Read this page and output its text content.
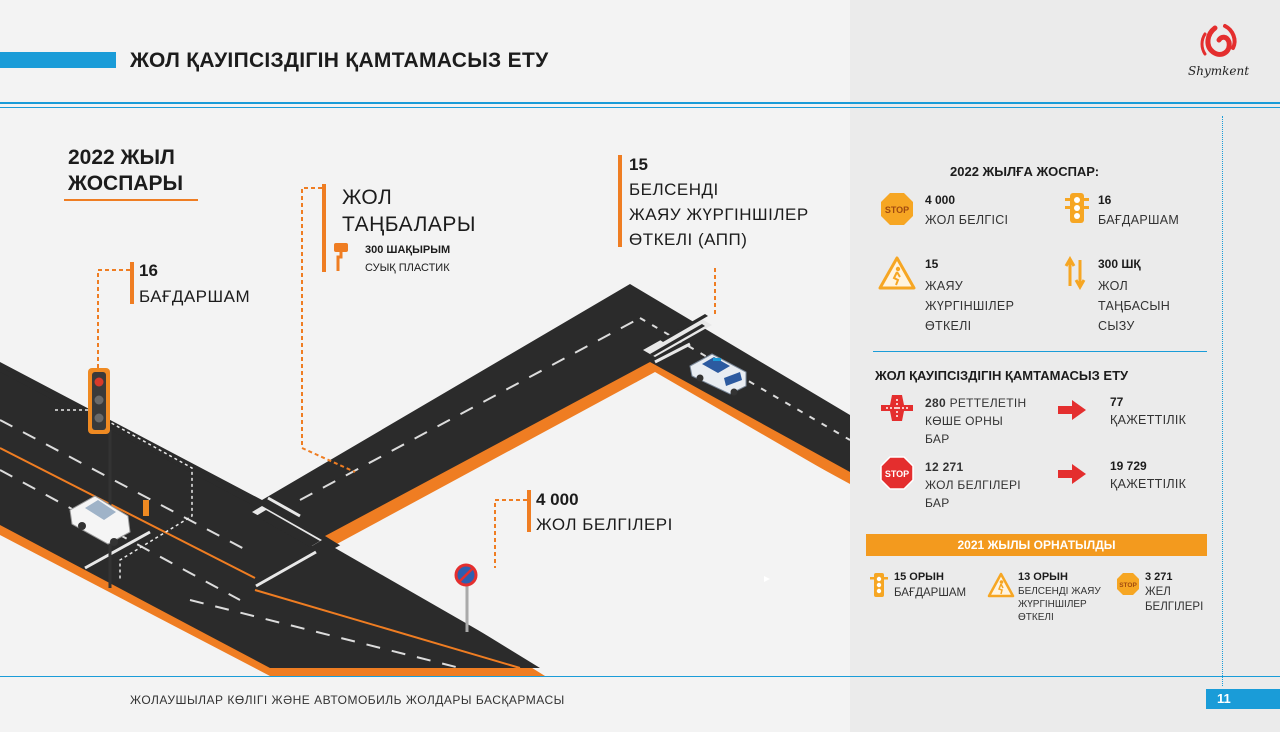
ЖОЛ ҚАУІПСІЗДІГІН ҚАМТАМАСЫЗ ЕТУ	Shymkent
2022 ЖЫЛ
ЖОСПАРЫ
16
БАҒДАРШАМ
ЖОЛ
ТАҢБАЛАРЫ
300 ШАҚЫРЫМ
СУЫҚ ПЛАСТИК
15
БЕЛСЕНДІ
ЖАЯУ ЖҮРГІНШІЛЕР
ӨТКЕЛІ (АПП)
4 000
ЖОЛ БЕЛГІЛЕРІ
2022 ЖЫЛҒА ЖОСПАР:
STOP
4 000
ЖОЛ БЕЛГІСІ
16
БАҒДАРШАМ
15
ЖАЯУ
ЖҮРГІНШІЛЕР
ӨТКЕЛІ
300 ШҚ
ЖОЛ
ТАҢБАСЫН
СЫЗУ
ЖОЛ ҚАУІПСІЗДІГІН ҚАМТАМАСЫЗ ЕТУ
280 РЕТТЕЛЕТІН
КӨШЕ ОРНЫ
БАР
77
ҚАЖЕТТІЛІК
STOP 12 271
ЖОЛ БЕЛГІЛЕРІ
БАР
19 729
ҚАЖЕТТІЛІК
2021 ЖЫЛЫ ОРНАТЫЛДЫ
15 ОРЫН
БАҒДАРШАМ
13 ОРЫН
БЕЛСЕНДІ ЖАЯУ
ЖҮРГІНШІЛЕР
ӨТКЕЛІ
STOP
3 271
ЖЕЛ
БЕЛГІЛЕРІ
ЖОЛАУШЫЛАР КӨЛІГІ ЖӘНЕ АВТОМОБИЛЬ ЖОЛДАРЫ БАСҚАРМАСЫ	11
